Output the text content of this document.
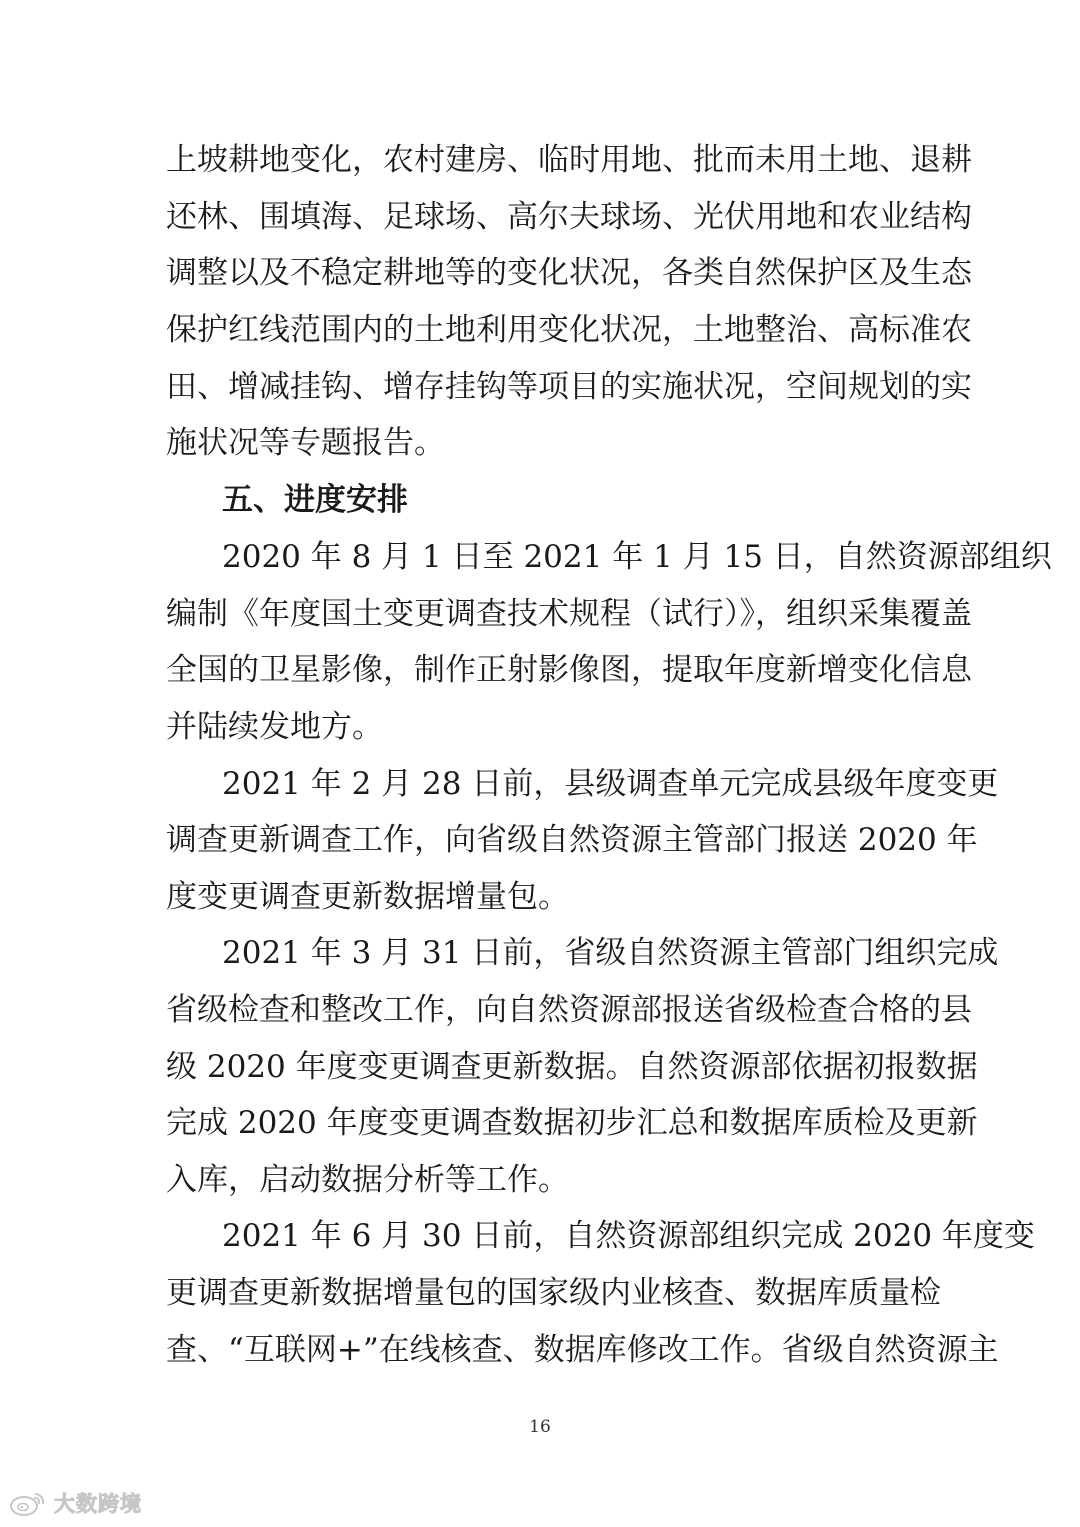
上坡耕地变化，农村建房、临时用地、批而未用土地、退耕
还林、围填海、足球场、高尔夫球场、光伏用地和农业结构
调整以及不稳定耕地等的变化状况，各类自然保护区及生态
保护红线范围内的土地利用变化状况，土地整治、高标准农
田、增减挂钩、增存挂钩等项目的实施状况，空间规划的实
施状况等专题报告。
五、进度安排
2020 年 8 月 1 日至 2021 年 1 月 15 日，自然资源部组织
编制《年度国土变更调查技术规程（试行）》，组织采集覆盖
全国的卫星影像，制作正射影像图，提取年度新增变化信息
并陆续发地方。
2021 年 2 月 28 日前，县级调查单元完成县级年度变更
调查更新调查工作，向省级自然资源主管部门报送 2020 年
度变更调查更新数据增量包。
2021 年 3 月 31 日前，省级自然资源主管部门组织完成
省级检查和整改工作，向自然资源部报送省级检查合格的县
级 2020 年度变更调查更新数据。自然资源部依据初报数据
完成 2020 年度变更调查数据初步汇总和数据库质检及更新
入库，启动数据分析等工作。
2021 年 6 月 30 日前，自然资源部组织完成 2020 年度变
更调查更新数据增量包的国家级内业核查、数据库质量检
查、“互联网+”在线核查、数据库修改工作。省级自然资源主
16
大数跨境
